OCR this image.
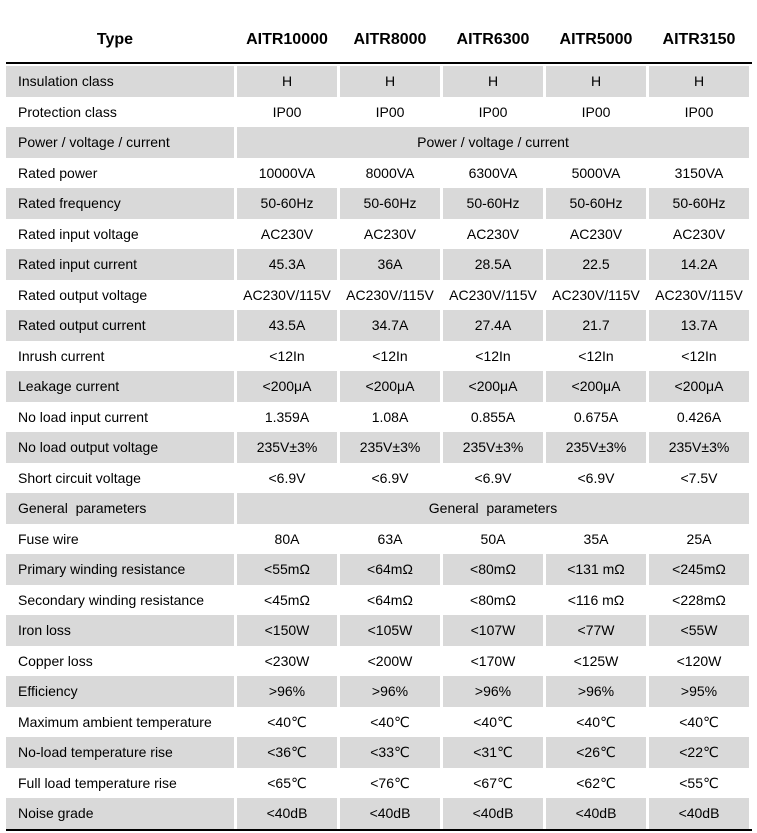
Type	AITR10000	AITR8000	AITR6300	AITR5000	AITR3150
Insulation class	H	H	H	H	H
Protection class	IP00	IP00	IP00	IP00	IP00
Power / voltage / current	Power / voltage / current
Rated power	10000VA	8000VA	6300VA	5000VA	3150VA
Rated frequency	50-60Hz	50-60Hz	50-60Hz	50-60Hz	50-60Hz
Rated input voltage	AC230V	AC230V	AC230V	AC230V	AC230V
Rated input current	45.3A	36A	28.5A	22.5	14.2A
Rated output voltage	AC230V/115V	AC230V/115V	AC230V/115V	AC230V/115V	AC230V/115V
Rated output current	43.5A	34.7A	27.4A	21.7	13.7A
Inrush current	<12In	<12In	<12In	<12In	<12In
Leakage current	<200μA	<200μA	<200μA	<200μA	<200μA
No load input current	1.359A	1.08A	0.855A	0.675A	0.426A
No load output voltage	235V±3%	235V±3%	235V±3%	235V±3%	235V±3%
Short circuit voltage	<6.9V	<6.9V	<6.9V	<6.9V	<7.5V
General  parameters	General  parameters
Fuse wire	80A	63A	50A	35A	25A
Primary winding resistance	<55mΩ	<64mΩ	<80mΩ	<131 mΩ	<245mΩ
Secondary winding resistance	<45mΩ	<64mΩ	<80mΩ	<116 mΩ	<228mΩ
Iron loss	<150W	<105W	<107W	<77W	<55W
Copper loss	<230W	<200W	<170W	<125W	<120W
Efficiency	>96%	>96%	>96%	>96%	>95%
Maximum ambient temperature	<40℃	<40℃	<40℃	<40℃	<40℃
No-load temperature rise	<36℃	<33℃	<31℃	<26℃	<22℃
Full load temperature rise	<65℃	<76℃	<67℃	<62℃	<55℃
Noise grade	<40dB	<40dB	<40dB	<40dB	<40dB
